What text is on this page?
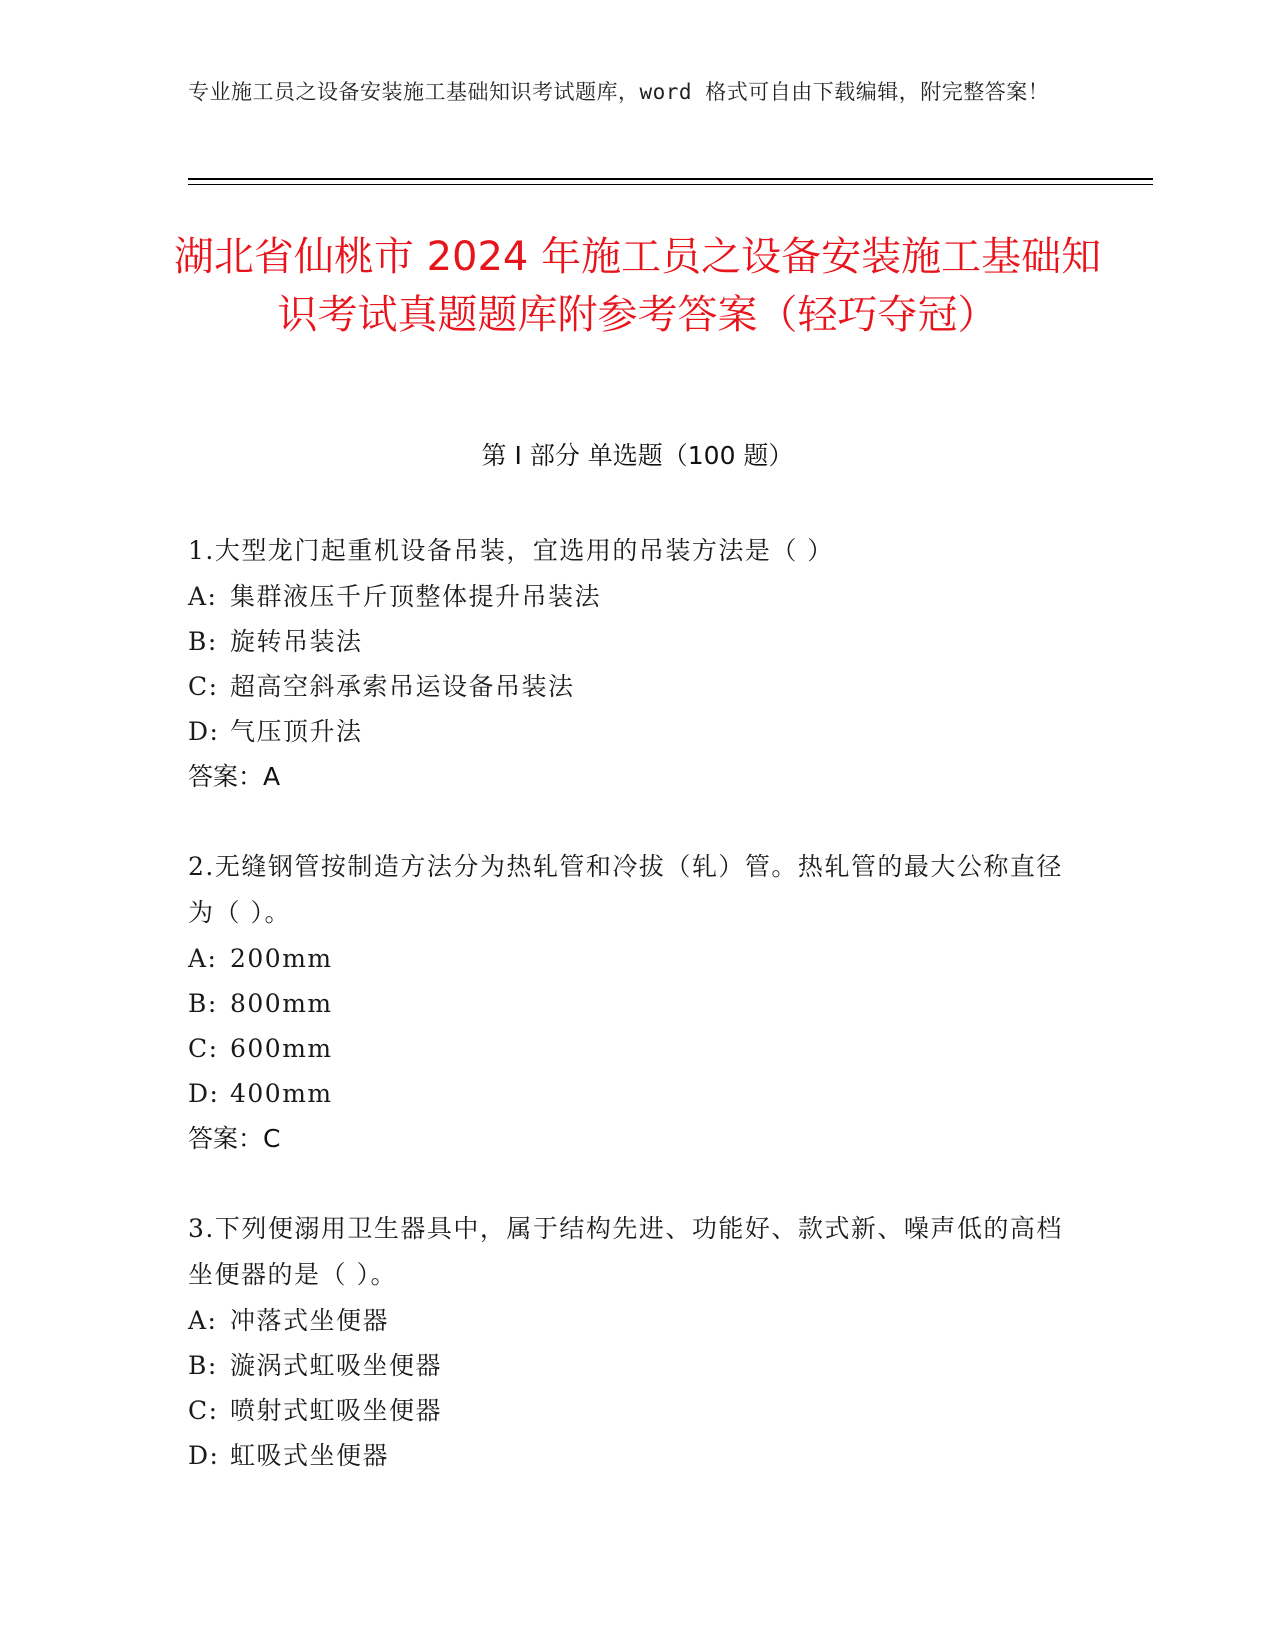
专业施工员之设备安装施工基础知识考试题库，word 格式可自由下载编辑，附完整答案！
湖北省仙桃市 2024 年施工员之设备安装施工基础知识考试真题题库附参考答案（轻巧夺冠）
第 I 部分 单选题（100 题）
1.大型龙门起重机设备吊装，宜选用的吊装方法是（ ）
A: 集群液压千斤顶整体提升吊装法
B: 旋转吊装法
C: 超高空斜承索吊运设备吊装法
D: 气压顶升法
答案：A
2.无缝钢管按制造方法分为热轧管和冷拔（轧）管。热轧管的最大公称直径为（ ）。
A: 200mm
B: 800mm
C: 600mm
D: 400mm
答案：C
3.下列便溺用卫生器具中，属于结构先进、功能好、款式新、噪声低的高档坐便器的是（ ）。
A: 冲落式坐便器
B: 漩涡式虹吸坐便器
C: 喷射式虹吸坐便器
D: 虹吸式坐便器
